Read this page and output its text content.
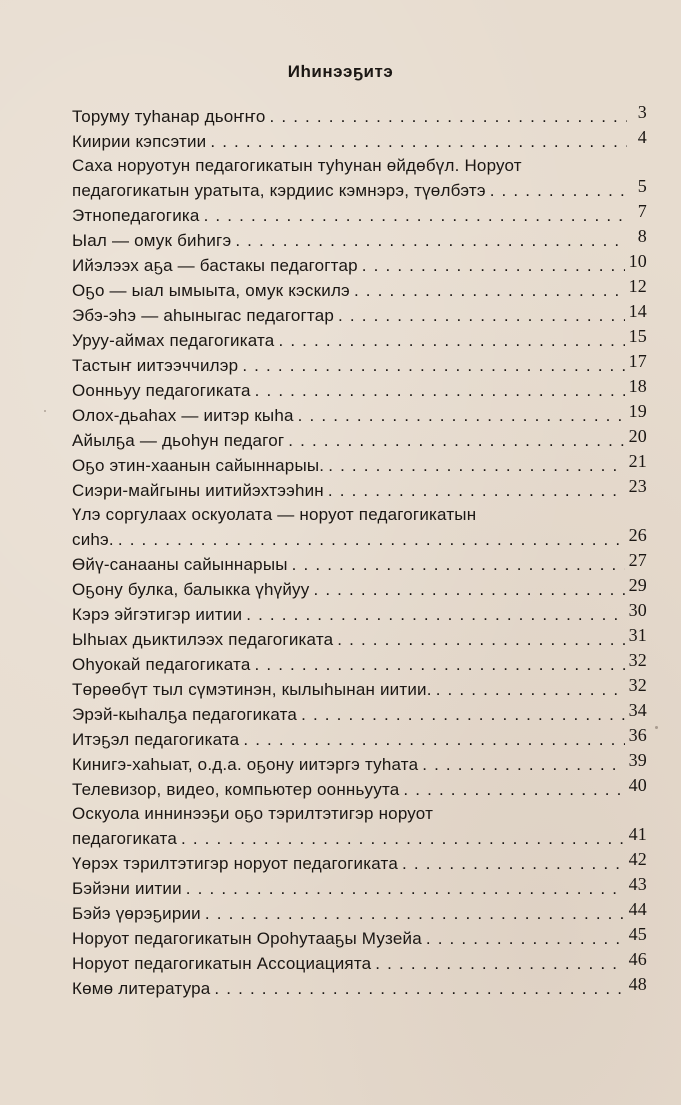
Иһинээҕитэ
Торуму туһанар дьоҥҥо . . .	3
Киирии кэпсэтии . . .	4
Саха норуотун педагогикатын туһунан өйдөбүл. Норуот
педагогикатын уратыта, кэрдиис кэмнэрэ, түөлбэтэ . . .	5
Этнопедагогика . . .	7
Ыал — омук биһигэ . . .	8
Ийэлээх аҕа — бастакы педагогтар . . .	10
Оҕо — ыал ымыыта, омук кэскилэ . . .	12
Эбэ-эһэ — аһыныгас педагогтар . . .	14
Уруу-аймах педагогиката . . .	15
Тастыҥ иитээччилэр . . .	17
Оонньуу педагогиката . . .	18
Олох-дьаһах — иитэр кыһа . . .	19
Айылҕа — дьоһун педагог . . .	20
Оҕо этин-хаанын сайыннарыы. . . .	21
Сиэри-майгыны иитийэхтээһин . . .	23
Үлэ соргулаах оскуолата — норуот педагогикатын
сиһэ. . . .	26
Өйү-санааны сайыннарыы . . .	27
Оҕону булка, балыкка үһүйуу . . .	29
Кэрэ эйгэтигэр иитии . . .	30
Ыһыах дьиктилээх педагогиката . . .	31
Оһуокай педагогиката . . .	32
Төрөөбүт тыл сүмэтинэн, кылыһынан иитии. . . .	32
Эрэй-кыһалҕа педагогиката . . .	34
Итэҕэл педагогиката . . .	36
Кинигэ-хаһыат, о.д.а. оҕону иитэргэ туһата . . .	39
Телевизор, видео, компьютер оонньуута . . .	40
Оскуола иннинээҕи оҕо тэрилтэтигэр норуот
педагогиката . . .	41
Үөрэх тэрилтэтигэр норуот педагогиката . . .	42
Бэйэни иитии . . .	43
Бэйэ үөрэҕирии . . .	44
Норуот педагогикатын Ороһутааҕы Музейа . . .	45
Норуот педагогикатын Ассоциацията . . .	46
Көмө литература . . .	48
